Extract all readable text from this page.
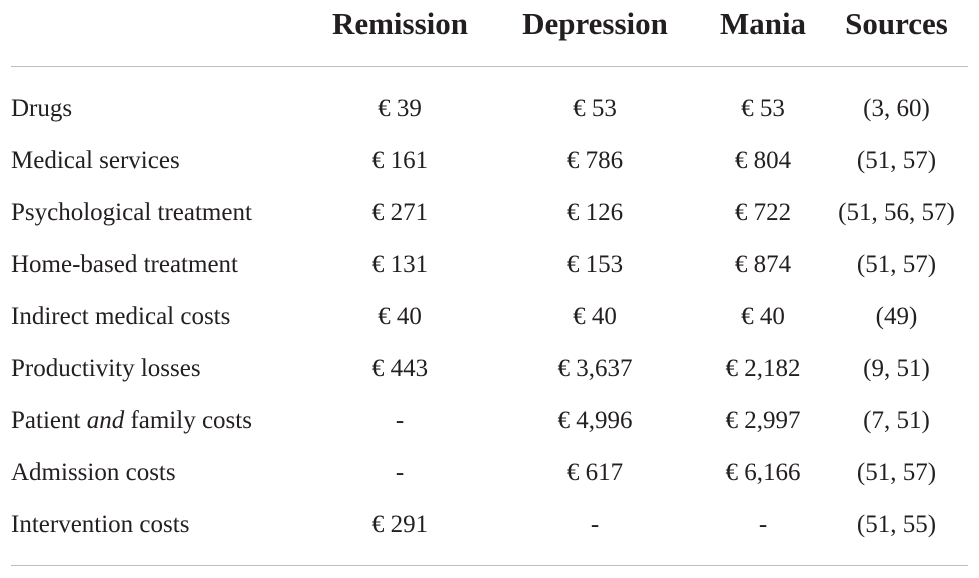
	Remission	Depression	Mania	Sources

Drugs	€ 39	€ 53	€ 53	(3, 60)
Medical services	€ 161	€ 786	€ 804	(51, 57)
Psychological treatment	€ 271	€ 126	€ 722	(51, 56, 57)
Home-based treatment	€ 131	€ 153	€ 874	(51, 57)
Indirect medical costs	€ 40	€ 40	€ 40	(49)
Productivity losses	€ 443	€ 3,637	€ 2,182	(9, 51)
Patient and family costs	-	€ 4,996	€ 2,997	(7, 51)
Admission costs	-	€ 617	€ 6,166	(51, 57)
Intervention costs	€ 291	-	-	(51, 55)
